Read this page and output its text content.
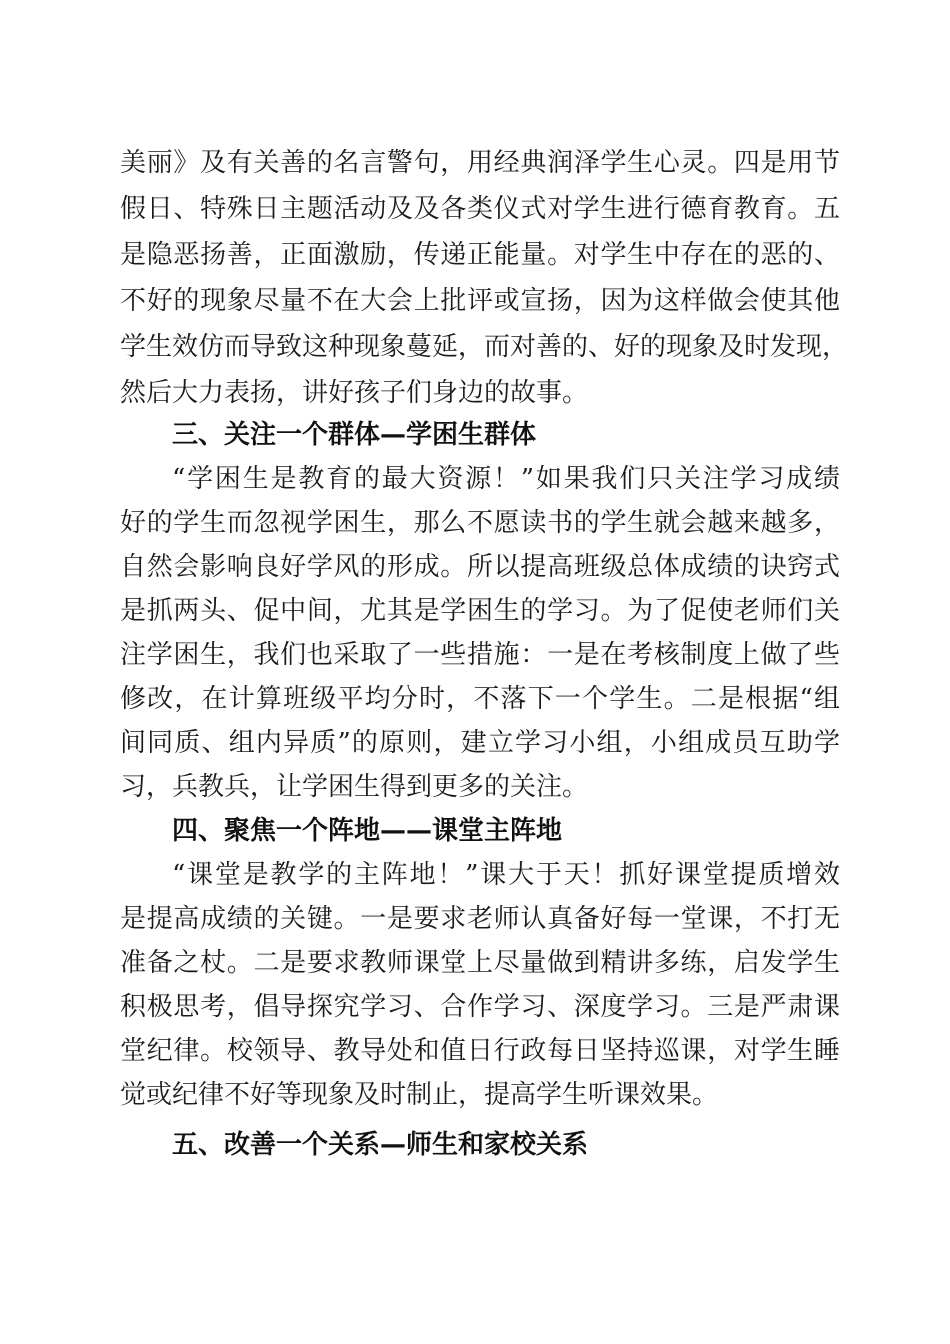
美丽》及有关善的名言警句，用经典润泽学生心灵。四是用节
假日、特殊日主题活动及及各类仪式对学生进行德育教育。五
是隐恶扬善，正面激励，传递正能量。对学生中存在的恶的、
不好的现象尽量不在大会上批评或宣扬，因为这样做会使其他
学生效仿而导致这种现象蔓延，而对善的、好的现象及时发现，
然后大力表扬，讲好孩子们身边的故事。
三、关注一个群体—学困生群体
“学困生是教育的最大资源！”如果我们只关注学习成绩
好的学生而忽视学困生，那么不愿读书的学生就会越来越多，
自然会影响良好学风的形成。所以提高班级总体成绩的诀窍式
是抓两头、促中间，尤其是学困生的学习。为了促使老师们关
注学困生，我们也采取了一些措施：一是在考核制度上做了些
修改，在计算班级平均分时，不落下一个学生。二是根据“组
间同质、组内异质”的原则，建立学习小组，小组成员互助学
习，兵教兵，让学困生得到更多的关注。
四、聚焦一个阵地——课堂主阵地
“课堂是教学的主阵地！”课大于天！抓好课堂提质增效
是提高成绩的关键。一是要求老师认真备好每一堂课，不打无
准备之杖。二是要求教师课堂上尽量做到精讲多练，启发学生
积极思考，倡导探究学习、合作学习、深度学习。三是严肃课
堂纪律。校领导、教导处和值日行政每日坚持巡课，对学生睡
觉或纪律不好等现象及时制止，提高学生听课效果。
五、改善一个关系—师生和家校关系
